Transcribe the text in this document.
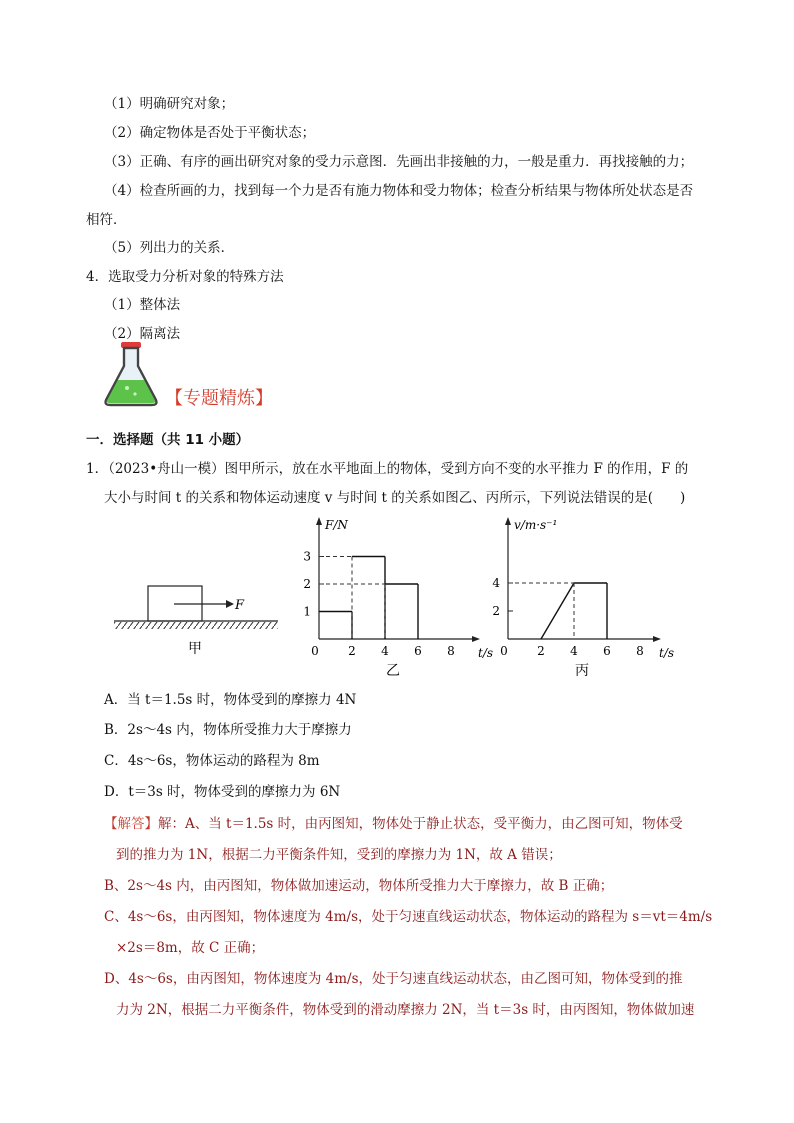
（1）明确研究对象；
（2）确定物体是否处于平衡状态；
（3）正确、有序的画出研究对象的受力示意图．先画出非接触的力，一般是重力．再找接触的力；
（4）检查所画的力，找到每一个力是否有施力物体和受力物体；检查分析结果与物体所处状态是否
相符．
（5）列出力的关系．
4．选取受力分析对象的特殊方法
（1）整体法
（2）隔离法
【专题精炼】
一．选择题（共 11 小题）
1．（2023•舟山一模）图甲所示，放在水平地面上的物体，受到方向不变的水平推力 F 的作用，F 的
大小与时间 t 的关系和物体运动速度 v 与时间 t 的关系如图乙、丙所示，下列说法错误的是(　　)
F
甲	0 2 4 6 8
1
2
3
t/s
F/N
乙
0 2 4 6 8
2
4
t/s
v/m·s⁻¹
丙
A．当 t＝1.5s 时，物体受到的摩擦力 4N
B．2s～4s 内，物体所受推力大于摩擦力
C．4s～6s，物体运动的路程为 8m
D．t＝3s 时，物体受到的摩擦力为 6N
【解答】解：A、当 t＝1.5s 时，由丙图知，物体处于静止状态，受平衡力，由乙图可知，物体受
到的推力为 1N，根据二力平衡条件知，受到的摩擦力为 1N，故 A 错误；
B、2s～4s 内，由丙图知，物体做加速运动，物体所受推力大于摩擦力，故 B 正确；
C、4s～6s，由丙图知，物体速度为 4m/s，处于匀速直线运动状态，物体运动的路程为 s＝vt＝4m/s
×2s＝8m，故 C 正确；
D、4s～6s，由丙图知，物体速度为 4m/s，处于匀速直线运动状态，由乙图可知，物体受到的推
力为 2N，根据二力平衡条件，物体受到的滑动摩擦力 2N，当 t＝3s 时，由丙图知，物体做加速
